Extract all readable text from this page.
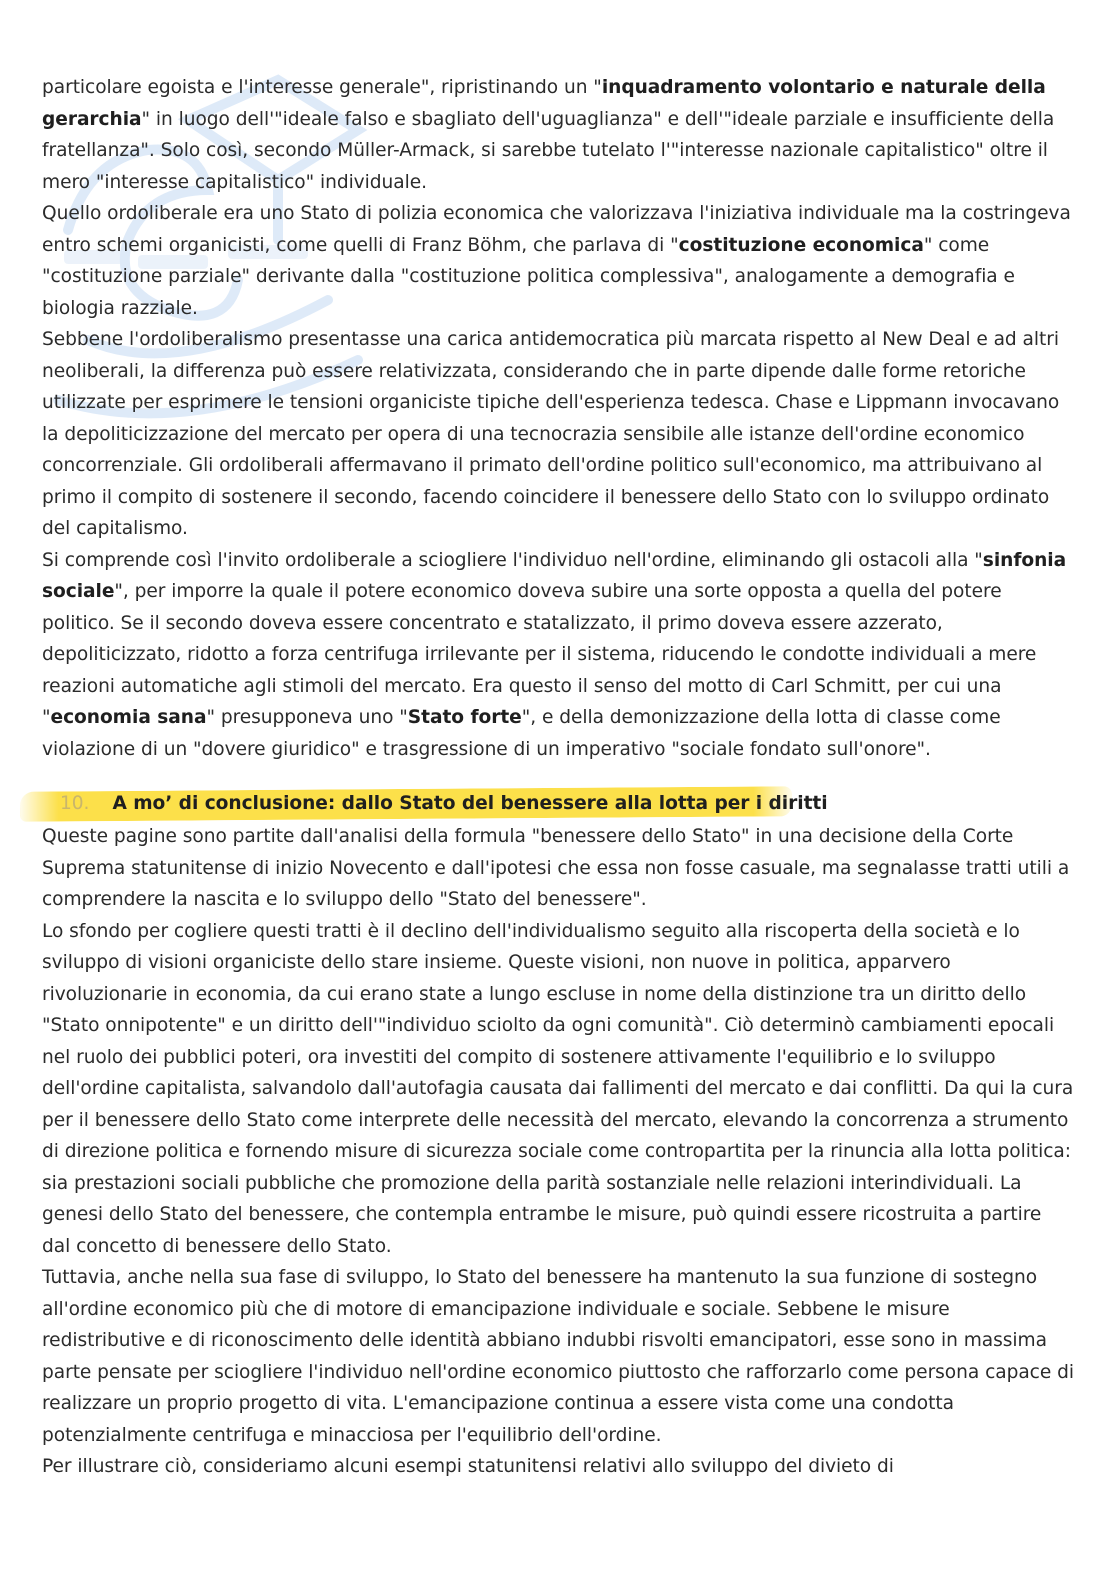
particolare egoista e l'interesse generale", ripristinando un "inquadramento volontario e naturale della gerarchia" in luogo dell'"ideale falso e sbagliato dell'uguaglianza" e dell'"ideale parziale e insufficiente della fratellanza". Solo così, secondo Müller-Armack, si sarebbe tutelato l'"interesse nazionale capitalistico" oltre il mero "interesse capitalistico" individuale.

Quello ordoliberale era uno Stato di polizia economica che valorizzava l'iniziativa individuale ma la costringeva entro schemi organicisti, come quelli di Franz Böhm, che parlava di "costituzione economica" come "costituzione parziale" derivante dalla "costituzione politica complessiva", analogamente a demografia e biologia razziale.

Sebbene l'ordoliberalismo presentasse una carica antidemocratica più marcata rispetto al New Deal e ad altri neoliberali, la differenza può essere relativizzata, considerando che in parte dipende dalle forme retoriche utilizzate per esprimere le tensioni organiciste tipiche dell'esperienza tedesca. Chase e Lippmann invocavano la depoliticizzazione del mercato per opera di una tecnocrazia sensibile alle istanze dell'ordine economico concorrenziale. Gli ordoliberali affermavano il primato dell'ordine politico sull'economico, ma attribuivano al primo il compito di sostenere il secondo, facendo coincidere il benessere dello Stato con lo sviluppo ordinato del capitalismo.

Si comprende così l'invito ordoliberale a sciogliere l'individuo nell'ordine, eliminando gli ostacoli alla "sinfonia sociale", per imporre la quale il potere economico doveva subire una sorte opposta a quella del potere politico. Se il secondo doveva essere concentrato e statalizzato, il primo doveva essere azzerato, depoliticizzato, ridotto a forza centrifuga irrilevante per il sistema, riducendo le condotte individuali a mere reazioni automatiche agli stimoli del mercato. Era questo il senso del motto di Carl Schmitt, per cui una "economia sana" presupponeva uno "Stato forte", e della demonizzazione della lotta di classe come violazione di un "dovere giuridico" e trasgressione di un imperativo "sociale fondato sull'onore".

10. A mo’ di conclusione: dallo Stato del benessere alla lotta per i diritti

Queste pagine sono partite dall'analisi della formula "benessere dello Stato" in una decisione della Corte Suprema statunitense di inizio Novecento e dall'ipotesi che essa non fosse casuale, ma segnalasse tratti utili a comprendere la nascita e lo sviluppo dello "Stato del benessere".

Lo sfondo per cogliere questi tratti è il declino dell'individualismo seguito alla riscoperta della società e lo sviluppo di visioni organiciste dello stare insieme. Queste visioni, non nuove in politica, apparvero rivoluzionarie in economia, da cui erano state a lungo escluse in nome della distinzione tra un diritto dello "Stato onnipotente" e un diritto dell'"individuo sciolto da ogni comunità". Ciò determinò cambiamenti epocali nel ruolo dei pubblici poteri, ora investiti del compito di sostenere attivamente l'equilibrio e lo sviluppo dell'ordine capitalista, salvandolo dall'autofagia causata dai fallimenti del mercato e dai conflitti. Da qui la cura per il benessere dello Stato come interprete delle necessità del mercato, elevando la concorrenza a strumento di direzione politica e fornendo misure di sicurezza sociale come contropartita per la rinuncia alla lotta politica: sia prestazioni sociali pubbliche che promozione della parità sostanziale nelle relazioni interindividuali. La genesi dello Stato del benessere, che contempla entrambe le misure, può quindi essere ricostruita a partire dal concetto di benessere dello Stato.

Tuttavia, anche nella sua fase di sviluppo, lo Stato del benessere ha mantenuto la sua funzione di sostegno all'ordine economico più che di motore di emancipazione individuale e sociale. Sebbene le misure redistributive e di riconoscimento delle identità abbiano indubbi risvolti emancipatori, esse sono in massima parte pensate per sciogliere l'individuo nell'ordine economico piuttosto che rafforzarlo come persona capace di realizzare un proprio progetto di vita. L'emancipazione continua a essere vista come una condotta potenzialmente centrifuga e minacciosa per l'equilibrio dell'ordine.

Per illustrare ciò, consideriamo alcuni esempi statunitensi relativi allo sviluppo del divieto di
